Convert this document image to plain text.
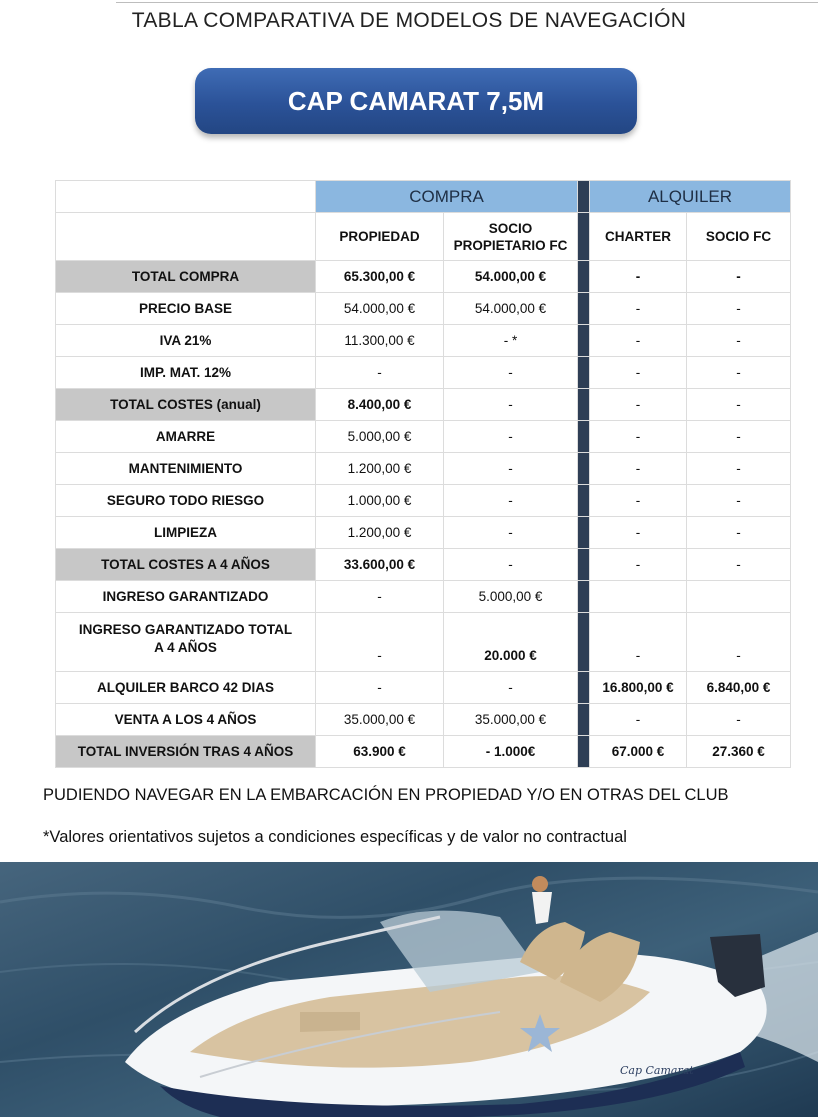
TABLA COMPARATIVA DE MODELOS DE NAVEGACIÓN
CAP CAMARAT 7,5M
	COMPRA			ALQUILER	
	PROPIEDAD	SOCIO
PROPIETARIO FC		CHARTER	SOCIO FC
TOTAL COMPRA	65.300,00 €	54.000,00 €		-	-
PRECIO BASE	54.000,00 €	54.000,00 €		-	-
IVA 21%	11.300,00 €	- *		-	-
IMP. MAT. 12%	-	-		-	-
TOTAL COSTES (anual)	8.400,00 €	-		-	-
AMARRE	5.000,00 €	-		-	-
MANTENIMIENTO	1.200,00 €	-		-	-
SEGURO TODO RIESGO	1.000,00 €	-		-	-
LIMPIEZA	1.200,00 €	-		-	-
TOTAL COSTES A 4 AÑOS	33.600,00 €	-		-	-
INGRESO GARANTIZADO	-	5.000,00 €			
INGRESO GARANTIZADO TOTAL
A 4 AÑOS	-	20.000 €		-	-
ALQUILER BARCO 42 DIAS	-	-		16.800,00 €	6.840,00 €
VENTA A LOS 4 AÑOS	35.000,00 €	35.000,00 €		-	-
TOTAL INVERSIÓN TRAS 4 AÑOS	63.900 €	- 1.000€		67.000 €	27.360 €
PUDIENDO NAVEGAR EN LA EMBARCACIÓN EN PROPIEDAD Y/O EN OTRAS DEL CLUB
*Valores orientativos sujetos a condiciones específicas y de valor no contractual
Cap Camarat
